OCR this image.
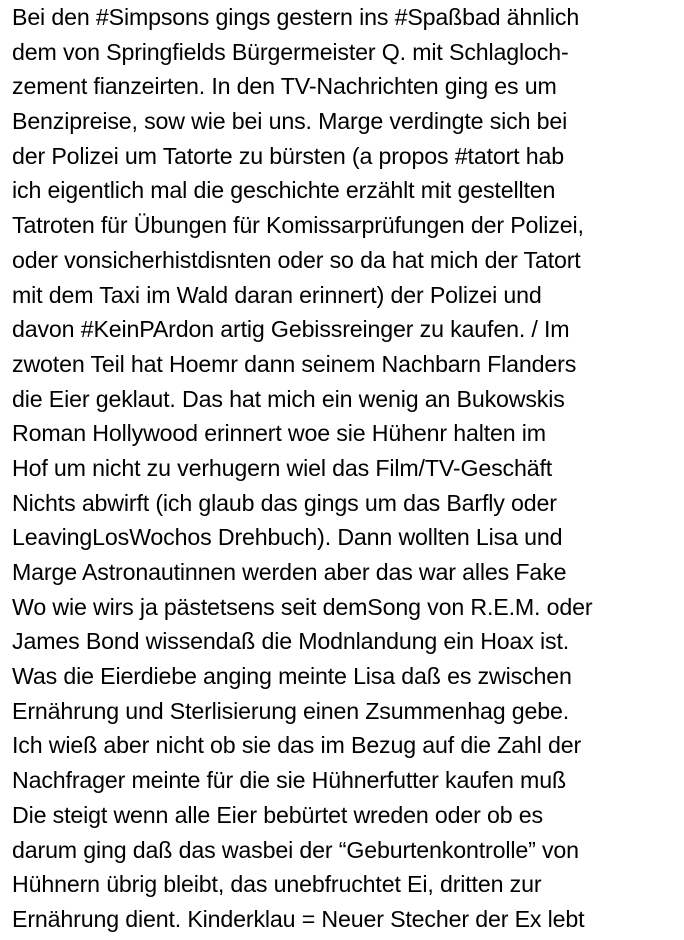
Bei den #Simpsons gings gestern ins #Spaßbad ähnlich
dem von Springfields Bürgermeister Q. mit Schlagloch-
zement fianzeirten. In den TV-Nachrichten ging es um
Benzipreise, sow wie bei uns. Marge verdingte sich bei
der Polizei um Tatorte zu bürsten (a propos #tatort hab
ich eigentlich mal die geschichte erzählt mit gestellten
Tatroten für Übungen für Komissarprüfungen der Polizei,
oder vonsicherhistdisnten oder so da hat mich der Tatort
mit dem Taxi im Wald daran erinnert) der Polizei und
davon #KeinPArdon artig Gebissreinger zu kaufen. / Im
zwoten Teil hat Hoemr dann seinem Nachbarn Flanders
die Eier geklaut. Das hat mich ein wenig an Bukowskis
Roman Hollywood erinnert woe sie Hühenr halten im
Hof um nicht zu verhugern wiel das Film/TV-Geschäft
Nichts abwirft (ich glaub das gings um das Barfly oder
LeavingLosWochos Drehbuch). Dann wollten Lisa und
Marge Astronautinnen werden aber das war alles Fake
Wo wie wirs ja pästetsens seit demSong von R.E.M. oder
James Bond wissendaß die Modnlandung ein Hoax ist.
Was die Eierdiebe anging meinte Lisa daß es zwischen
Ernährung und Sterlisierung einen Zsummenhag gebe.
Ich wieß aber nicht ob sie das im Bezug auf die Zahl der
Nachfrager meinte für die sie Hühnerfutter kaufen muß
Die steigt wenn alle Eier bebürtet wreden oder ob es
darum ging daß das wasbei der “Geburtenkontrolle” von
Hühnern übrig bleibt, das unebfruchtet Ei, dritten zur
Ernährung dient. Kinderklau = Neuer Stecher der Ex lebt
